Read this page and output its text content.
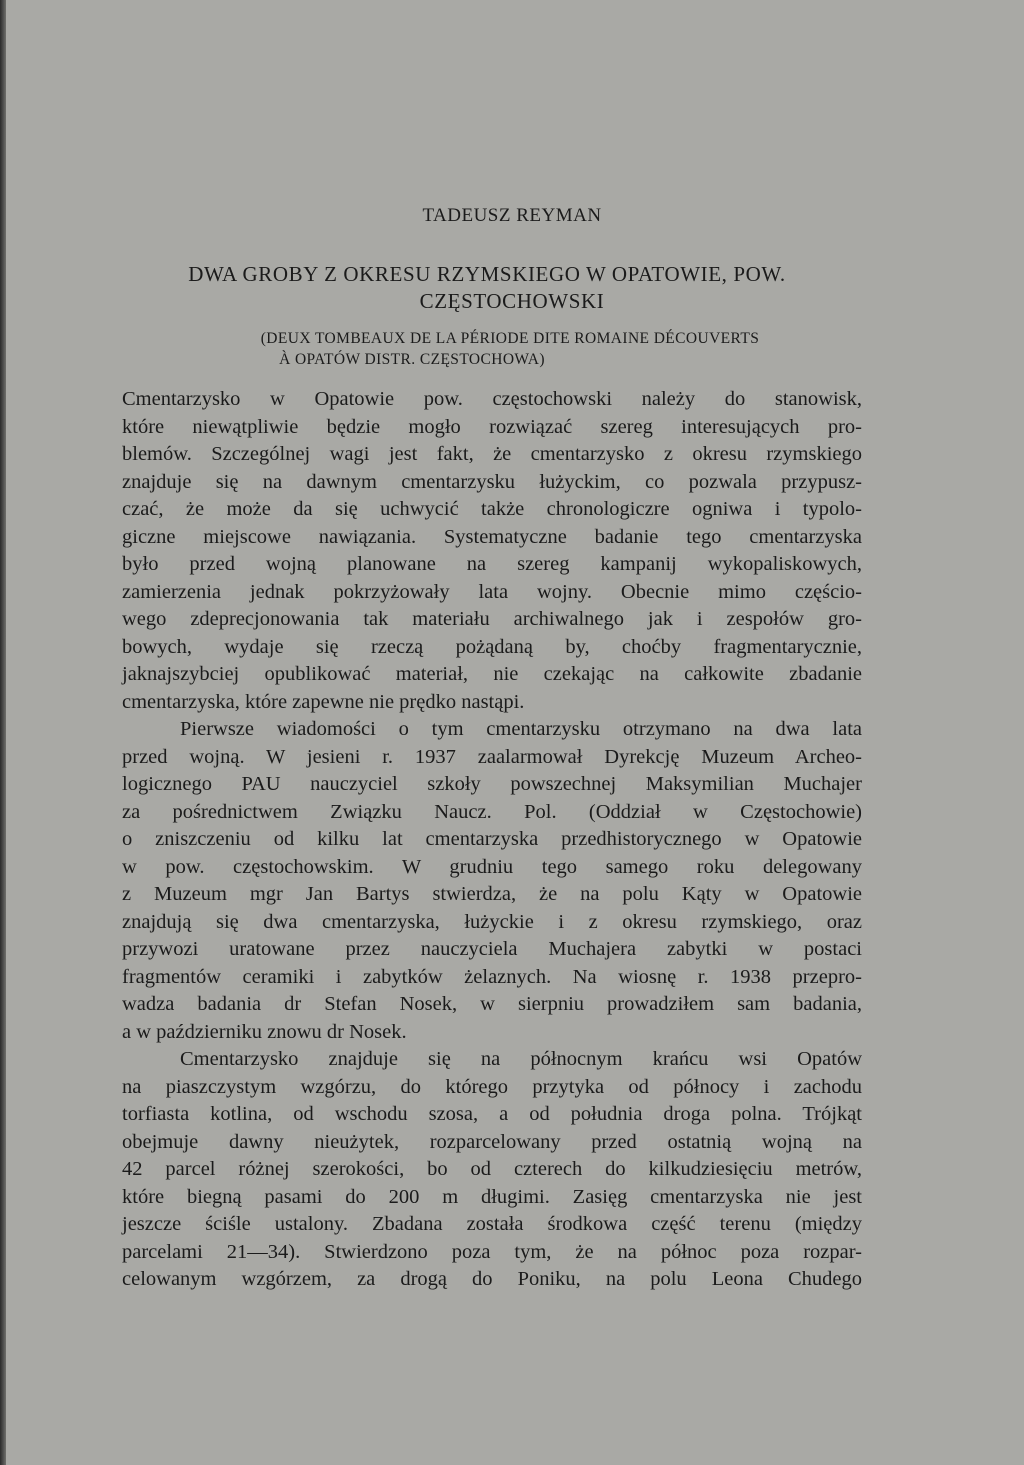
TADEUSZ REYMAN
DWA GROBY Z OKRESU RZYMSKIEGO W OPATOWIE, POW.
CZĘSTOCHOWSKI
(DEUX TOMBEAUX DE LA PÉRIODE DITE ROMAINE DÉCOUVERTS
À OPATÓW DISTR. CZĘSTOCHOWA)
Cmentarzysko w Opatowie pow. częstochowski należy do stanowisk,
które niewątpliwie będzie mogło rozwiązać szereg interesujących pro-
blemów. Szczególnej wagi jest fakt, że cmentarzysko z okresu rzymskiego
znajduje się na dawnym cmentarzysku łużyckim, co pozwala przypusz-
czać, że może da się uchwycić także chronologiczre ogniwa i typolo-
giczne miejscowe nawiązania. Systematyczne badanie tego cmentarzyska
było przed wojną planowane na szereg kampanij wykopaliskowych,
zamierzenia jednak pokrzyżowały lata wojny. Obecnie mimo częścio-
wego zdeprecjonowania tak materiału archiwalnego jak i zespołów gro-
bowych, wydaje się rzeczą pożądaną by, choćby fragmentarycznie,
jaknajszybciej opublikować materiał, nie czekając na całkowite zbadanie
cmentarzyska, które zapewne nie prędko nastąpi.
Pierwsze wiadomości o tym cmentarzysku otrzymano na dwa lata
przed wojną. W jesieni r. 1937 zaalarmował Dyrekcję Muzeum Archeo-
logicznego PAU nauczyciel szkoły powszechnej Maksymilian Muchajer
za pośrednictwem Związku Naucz. Pol. (Oddział w Częstochowie)
o zniszczeniu od kilku lat cmentarzyska przedhistorycznego w Opatowie
w pow. częstochowskim. W grudniu tego samego roku delegowany
z Muzeum mgr Jan Bartys stwierdza, że na polu Kąty w Opatowie
znajdują się dwa cmentarzyska, łużyckie i z okresu rzymskiego, oraz
przywozi uratowane przez nauczyciela Muchajera zabytki w postaci
fragmentów ceramiki i zabytków żelaznych. Na wiosnę r. 1938 przepro-
wadza badania dr Stefan Nosek, w sierpniu prowadziłem sam badania,
a w październiku znowu dr Nosek.
Cmentarzysko znajduje się na północnym krańcu wsi Opatów
na piaszczystym wzgórzu, do którego przytyka od północy i zachodu
torfiasta kotlina, od wschodu szosa, a od południa droga polna. Trójkąt
obejmuje dawny nieużytek, rozparcelowany przed ostatnią wojną na
42 parcel różnej szerokości, bo od czterech do kilkudziesięciu metrów,
które biegną pasami do 200 m długimi. Zasięg cmentarzyska nie jest
jeszcze ściśle ustalony. Zbadana została środkowa część terenu (między
parcelami 21—34). Stwierdzono poza tym, że na północ poza rozpar-
celowanym wzgórzem, za drogą do Poniku, na polu Leona Chudego
